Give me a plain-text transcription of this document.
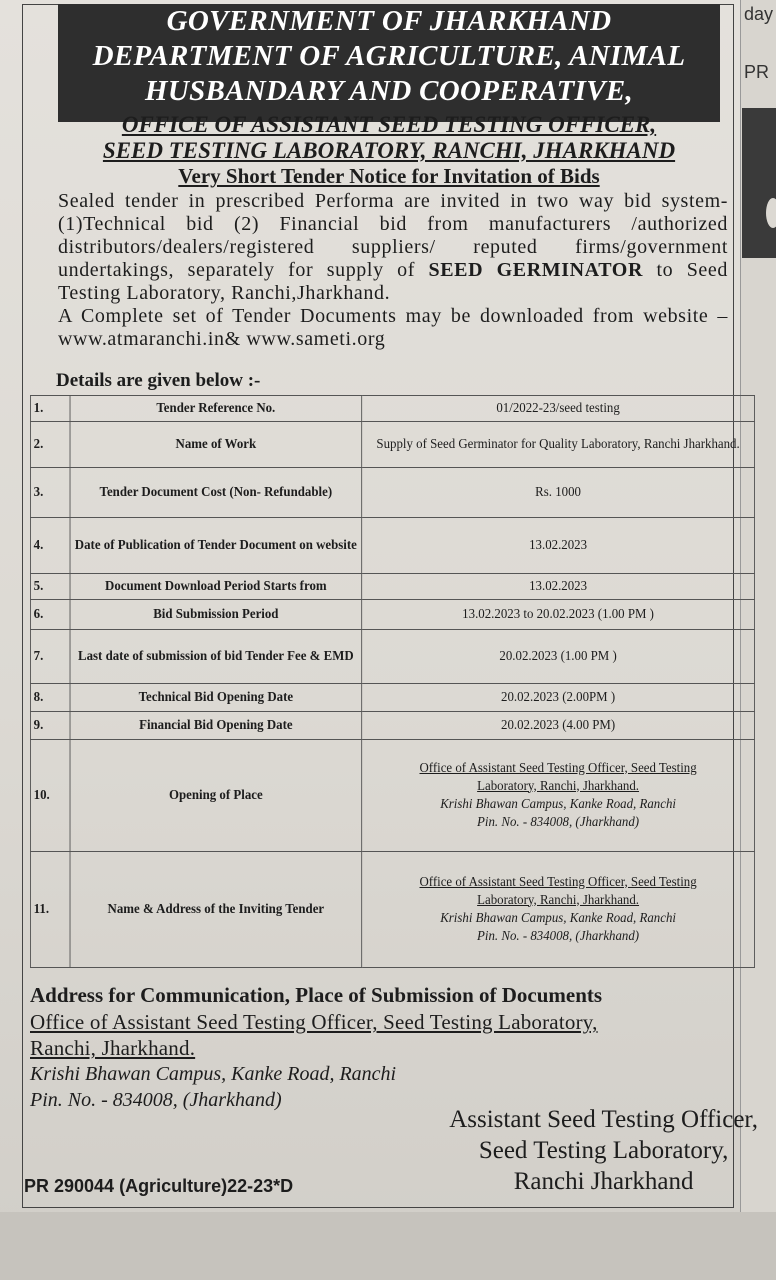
day
PR
GOVERNMENT OF JHARKHAND
DEPARTMENT OF AGRICULTURE, ANIMAL
HUSBANDARY AND COOPERATIVE,
OFFICE OF ASSISTANT SEED TESTING OFFICER,
SEED TESTING LABORATORY, RANCHI, JHARKHAND
Very Short Tender Notice for Invitation of Bids
Sealed tender in prescribed Performa are invited in two way bid system- (1)Technical bid (2) Financial bid from manufacturers /authorized distributors/dealers/registered suppliers/ reputed firms/government undertakings, separately for supply of SEED GERMINATOR to Seed Testing Laboratory, Ranchi,Jharkhand.
A Complete set of Tender Documents may be downloaded from website – www.atmaranchi.in& www.sameti.org
Details are given below :-
1.	Tender Reference No.	01/2022-23/seed testing
2.	Name of Work	Supply of Seed Germinator for Quality Laboratory, Ranchi Jharkhand.
3.	Tender Document Cost (Non- Refundable)	Rs. 1000
4.	Date of Publication of Tender Document on website	13.02.2023
5.	Document Download Period Starts from	13.02.2023
6.	Bid Submission Period	13.02.2023 to 20.02.2023 (1.00 PM )
7.	Last date of submission of bid Tender Fee & EMD	20.02.2023 (1.00 PM )
8.	Technical Bid Opening Date	20.02.2023 (2.00PM )
9.	Financial Bid Opening Date	20.02.2023 (4.00 PM)
10.	Opening of Place	Office of Assistant Seed Testing Officer, Seed Testing
Laboratory, Ranchi, Jharkhand.
Krishi Bhawan Campus, Kanke Road, Ranchi
Pin. No. - 834008, (Jharkhand)

11.	Name & Address of the Inviting Tender	Office of Assistant Seed Testing Officer, Seed Testing
Laboratory, Ranchi, Jharkhand.
Krishi Bhawan Campus, Kanke Road, Ranchi
Pin. No. - 834008, (Jharkhand)
Address for Communication, Place of Submission of Documents
Office of Assistant Seed Testing Officer, Seed Testing Laboratory,
Ranchi, Jharkhand.
Krishi Bhawan Campus, Kanke Road, Ranchi
Pin. No. - 834008, (Jharkhand)
Assistant Seed Testing Officer,
Seed Testing Laboratory,
Ranchi Jharkhand
PR 290044 (Agriculture)22-23*D
